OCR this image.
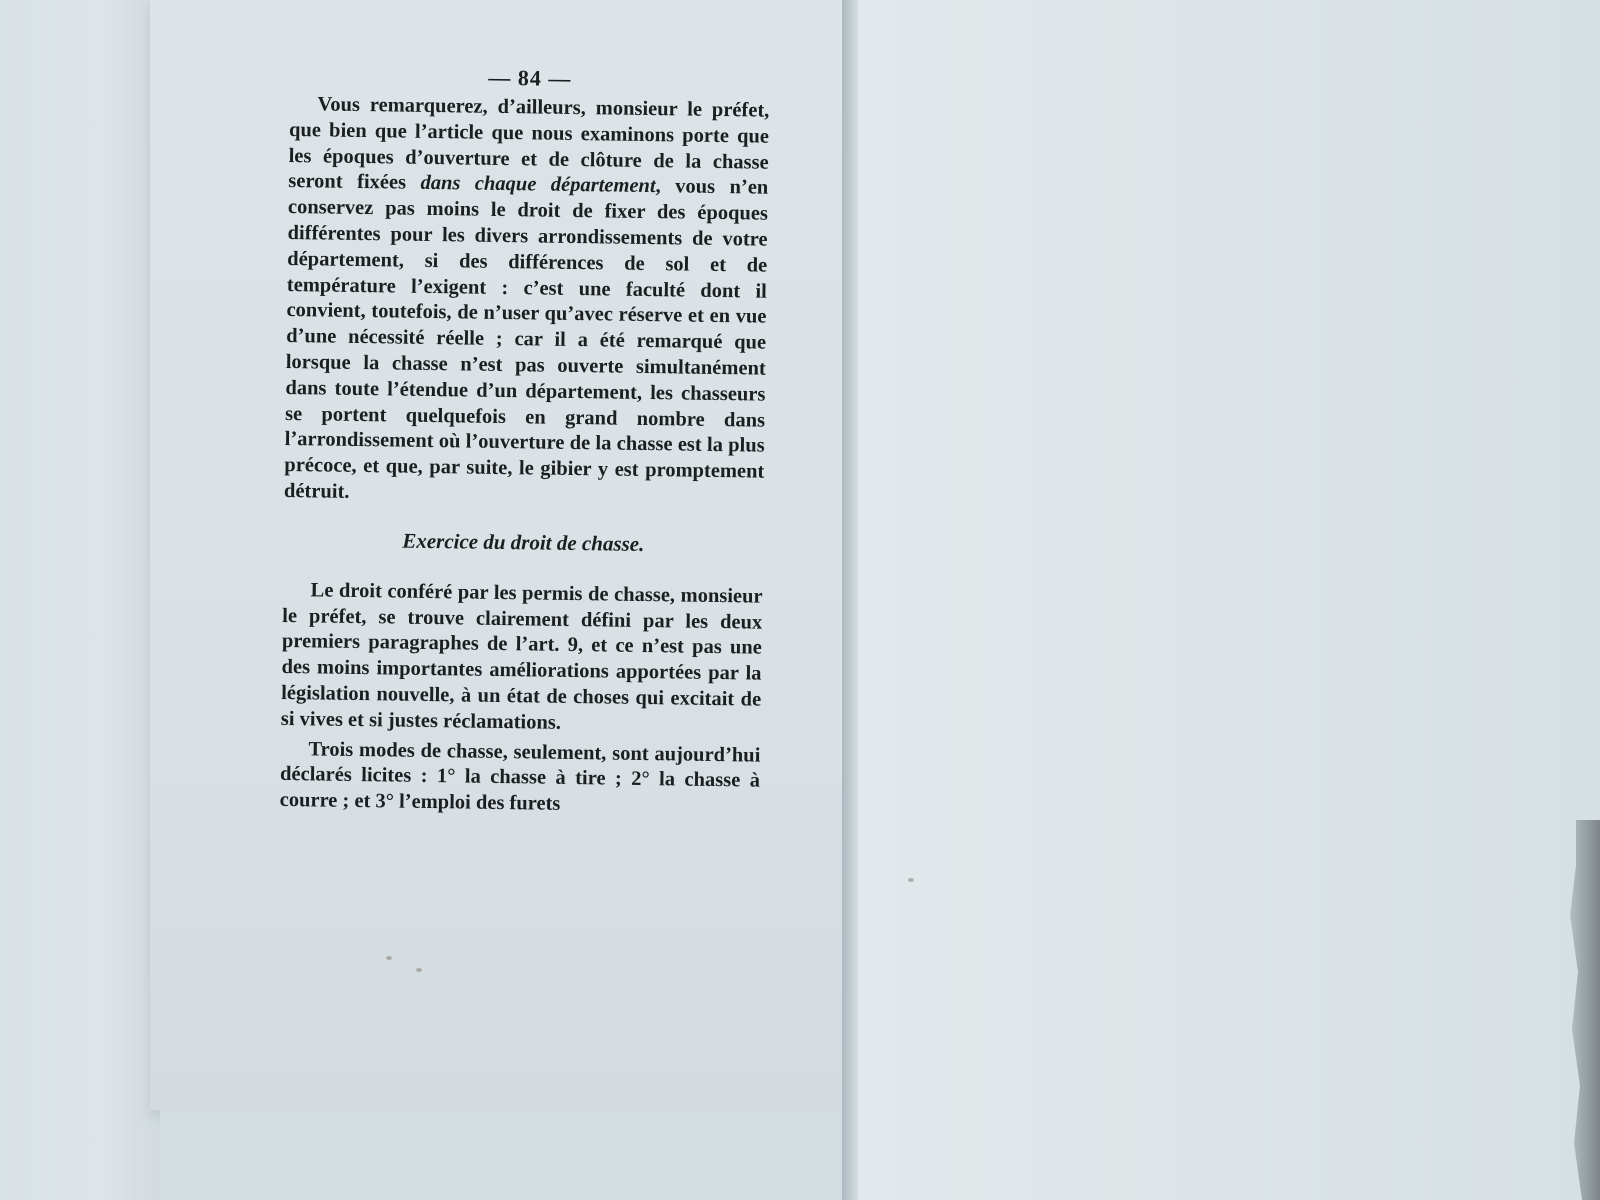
— 84 —

Vous remarquerez, d’ailleurs, monsieur le préfet, que bien que l’article que nous examinons porte que les époques d’ouverture et de clôture de la chasse seront fixées dans chaque département, vous n’en conservez pas moins le droit de fixer des époques différentes pour les divers arrondissements de votre département, si des différences de sol et de température l’exigent : c’est une faculté dont il convient, toutefois, de n’user qu’avec réserve et en vue d’une nécessité réelle ; car il a été remarqué que lorsque la chasse n’est pas ouverte simultanément dans toute l’étendue d’un département, les chasseurs se portent quelquefois en grand nombre dans l’arrondissement où l’ouverture de la chasse est la plus précoce, et que, par suite, le gibier y est promptement détruit.

Exercice du droit de chasse.

Le droit conféré par les permis de chasse, monsieur le préfet, se trouve clairement défini par les deux premiers paragraphes de l’art. 9, et ce n’est pas une des moins importantes améliorations apportées par la législation nouvelle, à un état de choses qui excitait de si vives et si justes réclamations.

Trois modes de chasse, seulement, sont aujourd’hui déclarés licites : 1° la chasse à tire ; 2° la chasse à courre ; et 3° l’emploi des furets
